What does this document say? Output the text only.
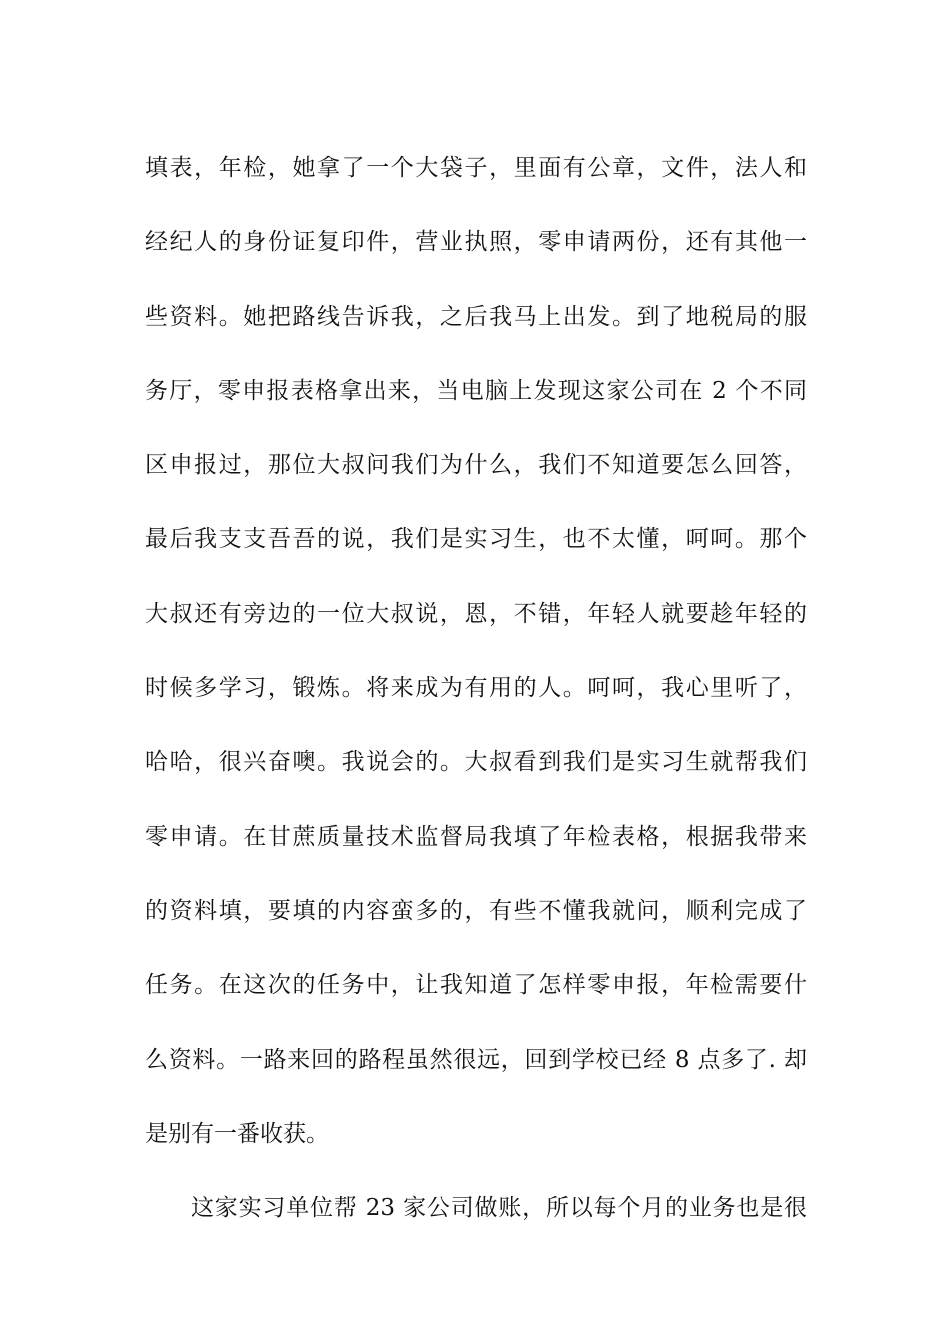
填表，年检，她拿了一个大袋子，里面有公章，文件，法人和
经纪人的身份证复印件，营业执照，零申请两份，还有其他一
些资料。她把路线告诉我，之后我马上出发。到了地税局的服
务厅，零申报表格拿出来，当电脑上发现这家公司在 2 个不同
区申报过，那位大叔问我们为什么，我们不知道要怎么回答，
最后我支支吾吾的说，我们是实习生，也不太懂，呵呵。那个
大叔还有旁边的一位大叔说，恩，不错，年轻人就要趁年轻的
时候多学习，锻炼。将来成为有用的人。呵呵，我心里听了，
哈哈，很兴奋噢。我说会的。大叔看到我们是实习生就帮我们
零申请。在甘蔗质量技术监督局我填了年检表格，根据我带来
的资料填，要填的内容蛮多的，有些不懂我就问，顺利完成了
任务。在这次的任务中，让我知道了怎样零申报，年检需要什
么资料。一路来回的路程虽然很远，回到学校已经 8 点多了. 却
是别有一番收获。
这家实习单位帮 23 家公司做账，所以每个月的业务也是很
